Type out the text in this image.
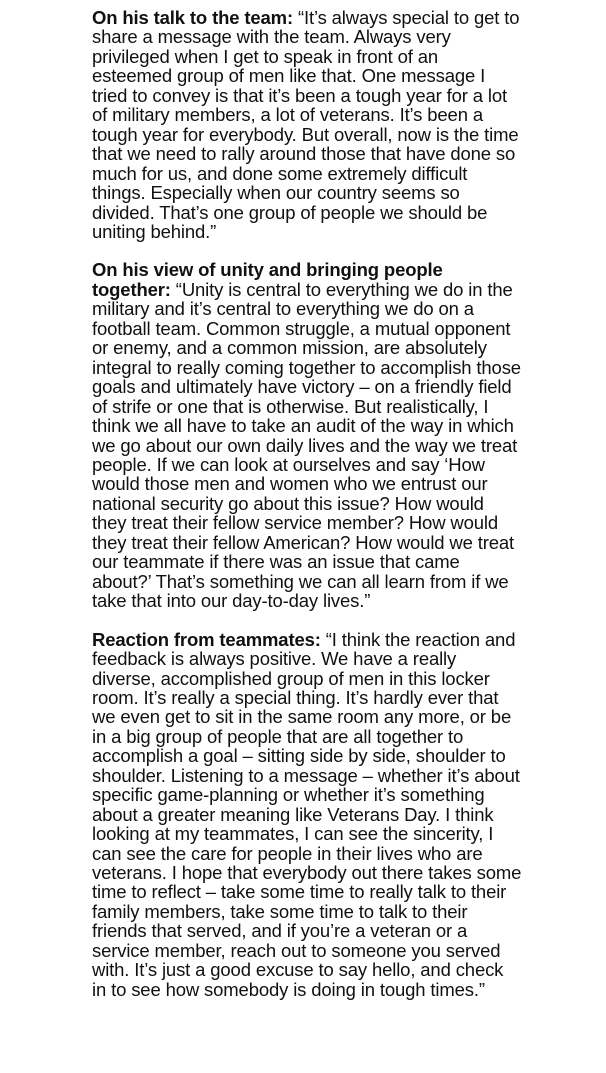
On his talk to the team: “It’s always special to get to share a message with the team. Always very privileged when I get to speak in front of an esteemed group of men like that. One message I tried to convey is that it’s been a tough year for a lot of military members, a lot of veterans. It’s been a tough year for everybody. But overall, now is the time that we need to rally around those that have done so much for us, and done some extremely difficult things. Especially when our country seems so divided. That’s one group of people we should be uniting behind.”

On his view of unity and bringing people together: “Unity is central to everything we do in the military and it’s central to everything we do on a football team. Common struggle, a mutual opponent or enemy, and a common mission, are absolutely integral to really coming together to accomplish those goals and ultimately have victory – on a friendly field of strife or one that is otherwise. But realistically, I think we all have to take an audit of the way in which we go about our own daily lives and the way we treat people. If we can look at ourselves and say ‘How would those men and women who we entrust our national security go about this issue? How would they treat their fellow service member? How would they treat their fellow American? How would we treat our teammate if there was an issue that came about?’ That’s something we can all learn from if we take that into our day-to-day lives.”

Reaction from teammates: “I think the reaction and feedback is always positive. We have a really diverse, accomplished group of men in this locker room. It’s really a special thing. It’s hardly ever that we even get to sit in the same room any more, or be in a big group of people that are all together to accomplish a goal – sitting side by side, shoulder to shoulder. Listening to a message – whether it’s about specific game-planning or whether it’s something about a greater meaning like Veterans Day. I think looking at my teammates, I can see the sincerity, I can see the care for people in their lives who are veterans. I hope that everybody out there takes some time to reflect – take some time to really talk to their family members, take some time to talk to their friends that served, and if you’re a veteran or a service member, reach out to someone you served with. It’s just a good excuse to say hello, and check in to see how somebody is doing in tough times.”
